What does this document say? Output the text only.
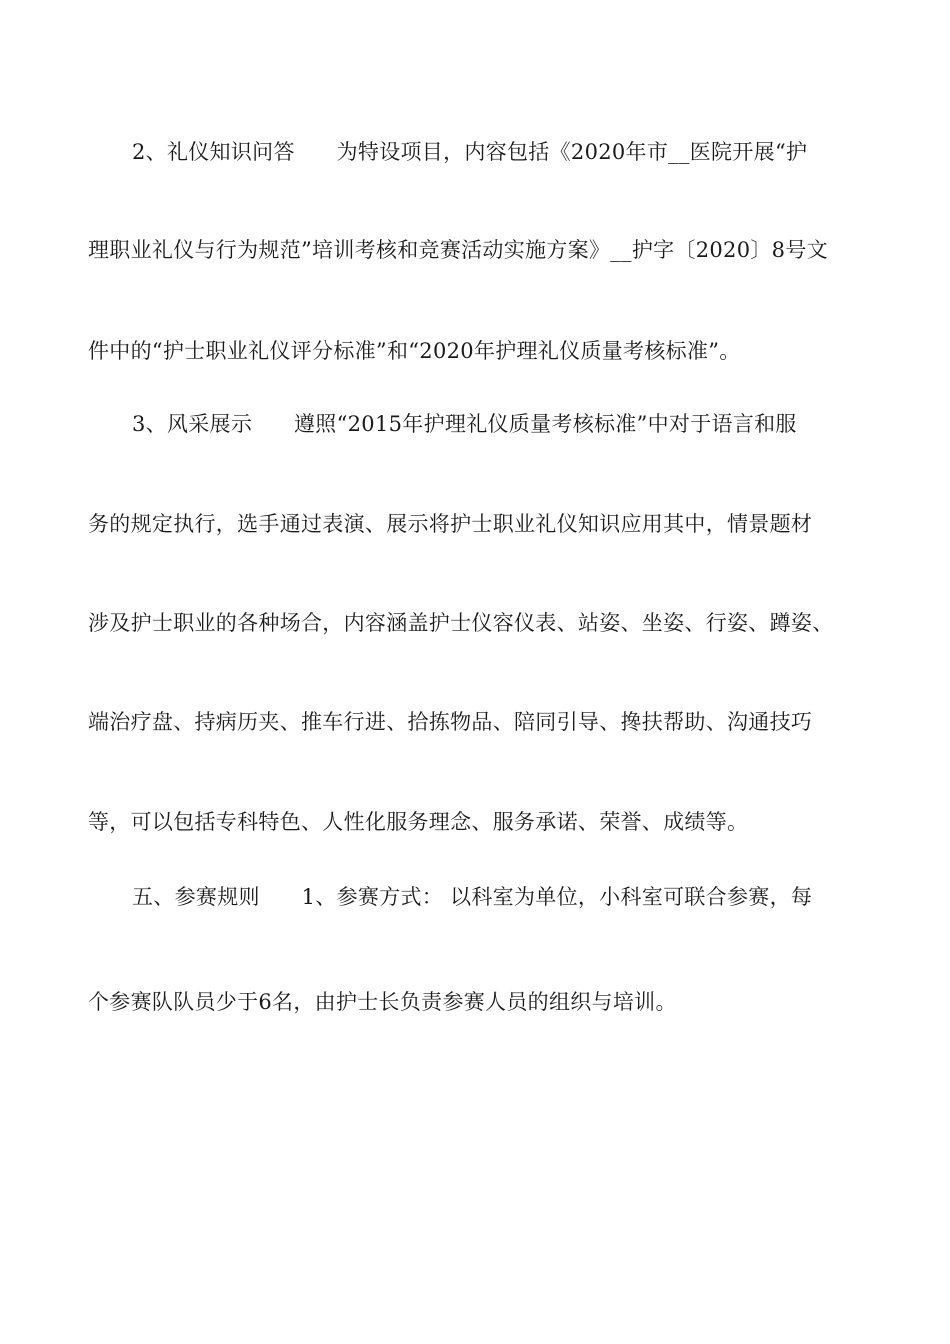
2、礼仪知识问答      为特设项目，内容包括《2020年市__医院开展“护
理职业礼仪与行为规范”培训考核和竞赛活动实施方案》__护字〔2020〕8号文
件中的“护士职业礼仪评分标准”和“2020年护理礼仪质量考核标准”。
3、风采展示      遵照“2015年护理礼仪质量考核标准”中对于语言和服
务的规定执行，选手通过表演、展示将护士职业礼仪知识应用其中，情景题材
涉及护士职业的各种场合，内容涵盖护士仪容仪表、站姿、坐姿、行姿、蹲姿、
端治疗盘、持病历夹、推车行进、拾拣物品、陪同引导、搀扶帮助、沟通技巧
等，可以包括专科特色、人性化服务理念、服务承诺、荣誉、成绩等。
五、参赛规则      1、参赛方式： 以科室为单位，小科室可联合参赛，每
个参赛队队员少于6名，由护士长负责参赛人员的组织与培训。
